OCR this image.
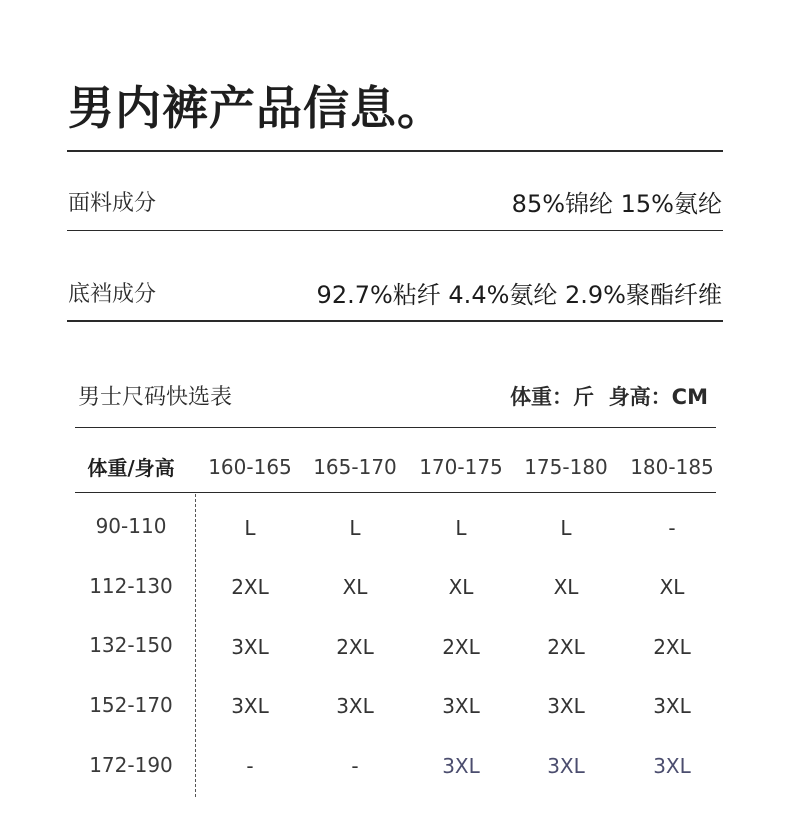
男内裤产品信息。
面料成分	85%锦纶 15%氨纶
底裆成分	92.7%粘纤 4.4%氨纶 2.9%聚酯纤维
男士尺码快选表	体重：斤  身高：CM
体重/身高	160-165	165-170	170-175	175-180	180-185
90-110	L	L	L	L	-
112-130	2XL	XL	XL	XL	XL
132-150	3XL	2XL	2XL	2XL	2XL
152-170	3XL	3XL	3XL	3XL	3XL
172-190	-	-	3XL	3XL	3XL
